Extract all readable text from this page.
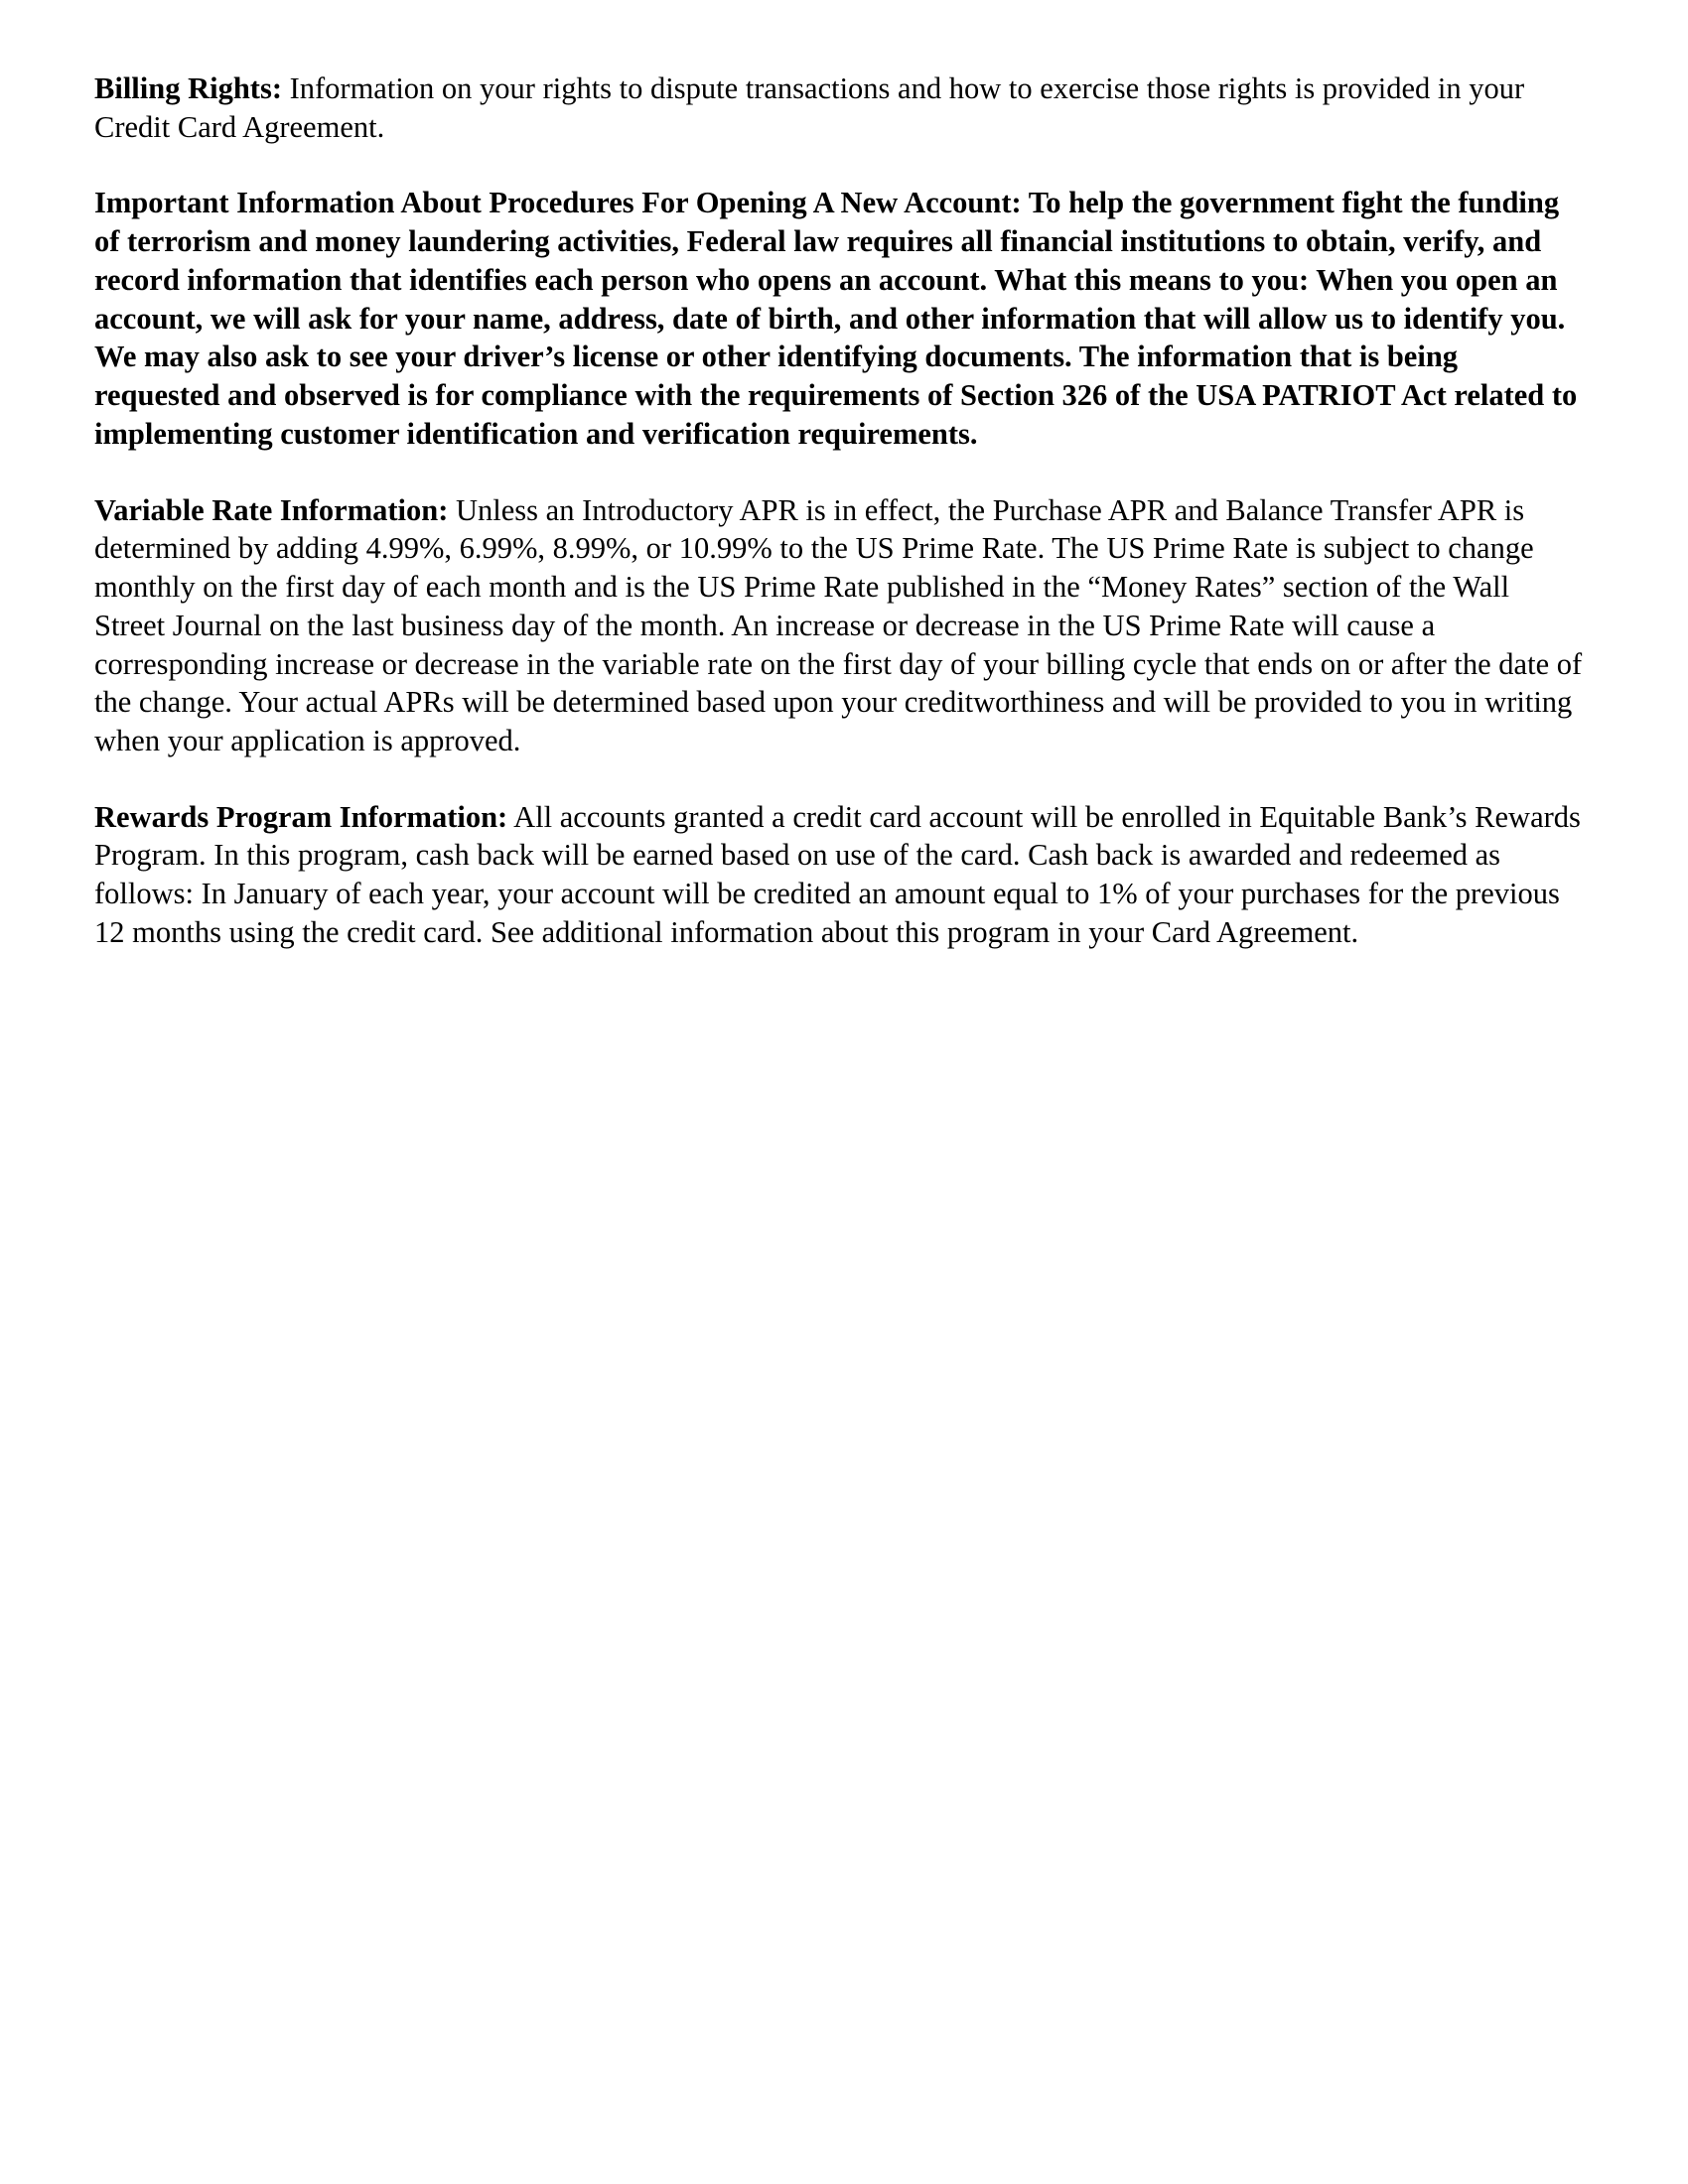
Billing Rights: Information on your rights to dispute transactions and how to exercise those rights is provided in your Credit Card Agreement.

Important Information About Procedures For Opening A New Account: To help the government fight the funding of terrorism and money laundering activities, Federal law requires all financial institutions to obtain, verify, and record information that identifies each person who opens an account. What this means to you: When you open an account, we will ask for your name, address, date of birth, and other information that will allow us to identify you. We may also ask to see your driver’s license or other identifying documents. The information that is being requested and observed is for compliance with the requirements of Section 326 of the USA PATRIOT Act related to implementing customer identification and verification requirements.

Variable Rate Information: Unless an Introductory APR is in effect, the Purchase APR and Balance Transfer APR is determined by adding 4.99%, 6.99%, 8.99%, or 10.99% to the US Prime Rate. The US Prime Rate is subject to change monthly on the first day of each month and is the US Prime Rate published in the “Money Rates” section of the Wall Street Journal on the last business day of the month. An increase or decrease in the US Prime Rate will cause a corresponding increase or decrease in the variable rate on the first day of your billing cycle that ends on or after the date of the change. Your actual APRs will be determined based upon your creditworthiness and will be provided to you in writing when your application is approved.

Rewards Program Information: All accounts granted a credit card account will be enrolled in Equitable Bank’s Rewards Program. In this program, cash back will be earned based on use of the card. Cash back is awarded and redeemed as follows: In January of each year, your account will be credited an amount equal to 1% of your purchases for the previous 12 months using the credit card. See additional information about this program in your Card Agreement.
